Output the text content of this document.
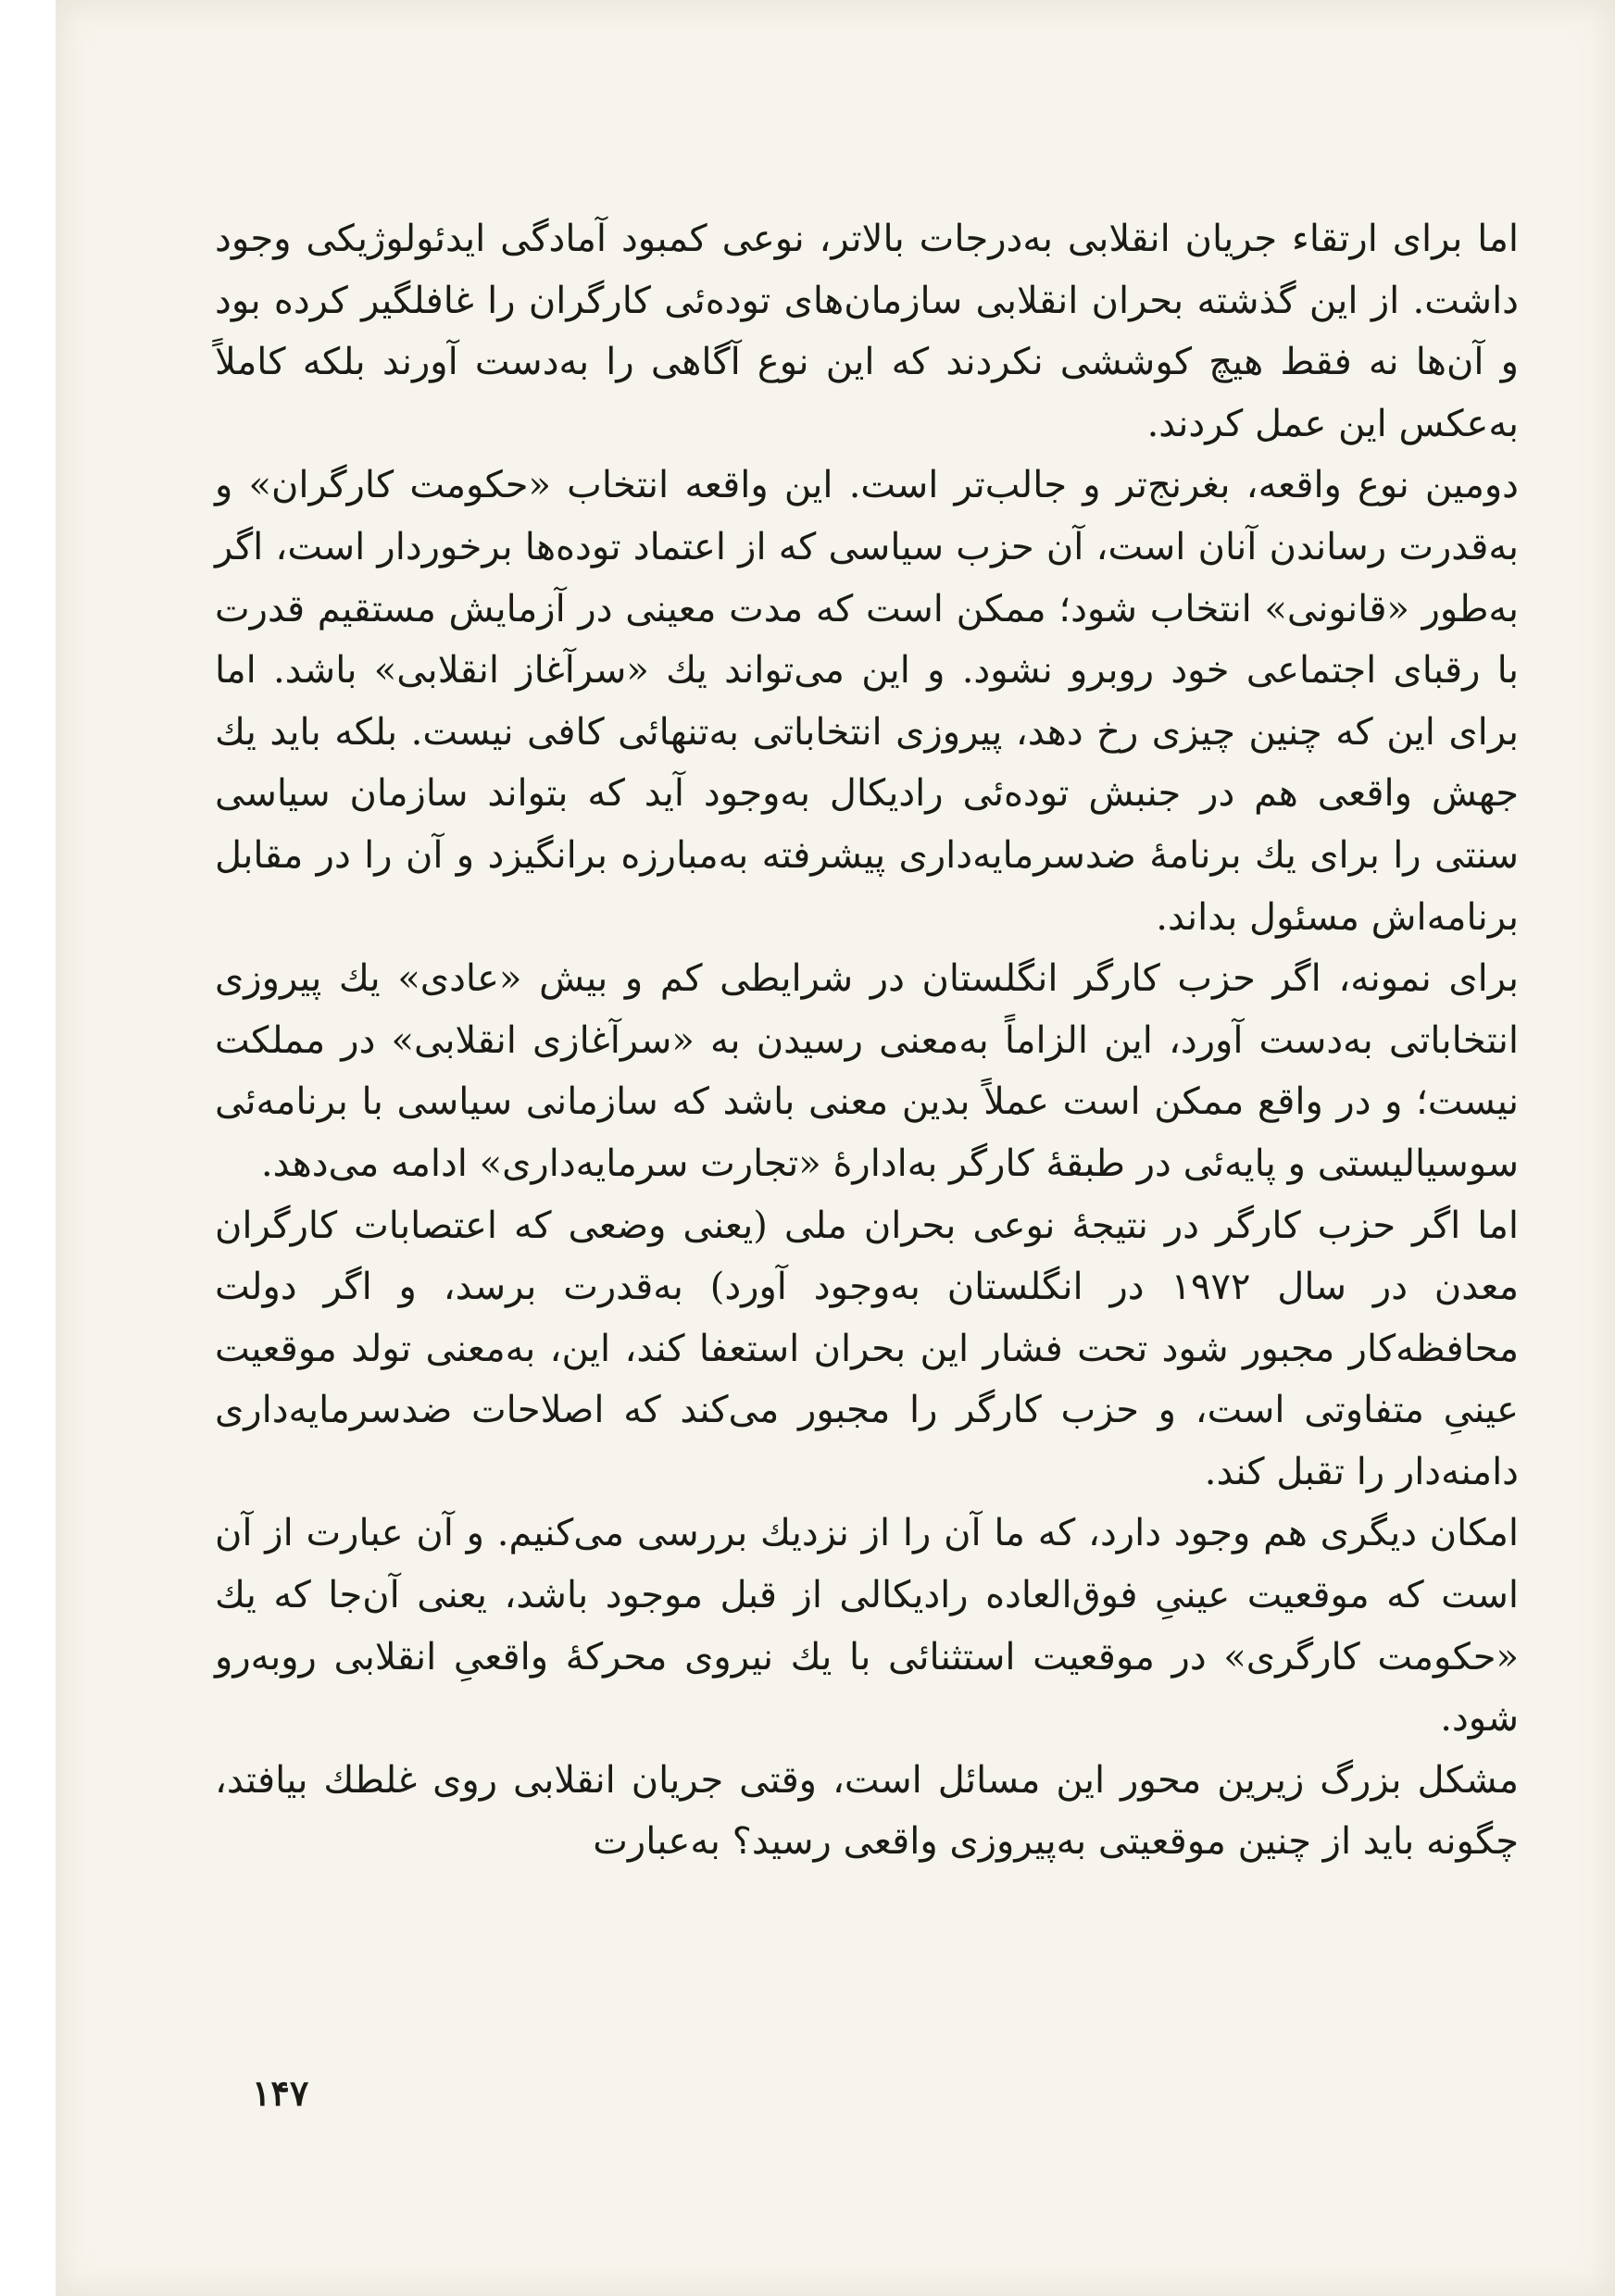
اما برای ارتقاء جریان انقلابی به‌درجات بالاتر، نوعی کمبود آمادگی ایدئولوژیکی وجود داشت. از این گذشته بحران انقلابی سازمان‌های توده‌ئی کارگران را غافلگیر کرده بود و آن‌ها نه فقط هیچ کوششی نکردند که این نوع آگاهی را به‌دست آورند بلکه کاملاً به‌عکس این عمل کردند.

دومین نوع واقعه، بغرنج‌تر و جالب‌تر است. این واقعه انتخاب «حکومت کارگران» و به‌قدرت رساندن آنان است، آن حزب سیاسی که از اعتماد توده‌ها برخوردار است، اگر به‌طور «قانونی» انتخاب شود؛ ممکن است که مدت معینی در آزمایش مستقیم قدرت با رقبای اجتماعی خود روبرو نشود. و این می‌تواند یك «سرآغاز انقلابی» باشد. اما برای این که چنین چیزی رخ دهد، پیروزی انتخاباتی به‌تنهائی کافی نیست. بلکه باید یك جهش واقعی هم در جنبش توده‌ئی رادیکال به‌وجود آید که بتواند سازمان سیاسی سنتی را برای یك برنامهٔ ضدسرمایه‌داری پیشرفته به‌مبارزه برانگیزد و آن را در مقابل برنامه‌اش مسئول بداند.

برای نمونه، اگر حزب کارگر انگلستان در شرایطی کم و بیش «عادی» یك پیروزی انتخاباتی به‌دست آورد، این الزاماً به‌معنی رسیدن به «سرآغازی انقلابی» در مملکت نیست؛ و در واقع ممکن است عملاً بدین معنی باشد که سازمانی سیاسی با برنامه‌ئی سوسیالیستی و پایه‌ئی در طبقهٔ کارگر به‌ادارهٔ «تجارت سرمایه‌داری» ادامه می‌دهد.

اما اگر حزب کارگر در نتیجهٔ نوعی بحران ملی (یعنی وضعی که اعتصابات کارگران معدن در سال ۱۹۷۲ در انگلستان به‌وجود آورد) به‌قدرت برسد، و اگر دولت محافظه‌کار مجبور شود تحت فشار این بحران استعفا کند، این، به‌معنی تولد موقعیت عینیِ متفاوتی است، و حزب کارگر را مجبور می‌کند که اصلاحات ضدسرمایه‌داری دامنه‌دار را تقبل کند.

امکان دیگری هم وجود دارد، که ما آن را از نزدیك بررسی می‌کنیم. و آن عبارت از آن است که موقعیت عینیِ فوق‌العاده رادیکالی از قبل موجود باشد، یعنی آن‌جا که یك «حکومت کارگری» در موقعیت استثنائی با یك نیروی محرکهٔ واقعیِ انقلابی روبه‌رو شود.

مشکل بزرگ زیرین محور این مسائل است، وقتی جریان انقلابی روی غلطك بیافتد، چگونه باید از چنین موقعیتی به‌پیروزی واقعی رسید؟ به‌عبارت

۱۴۷
